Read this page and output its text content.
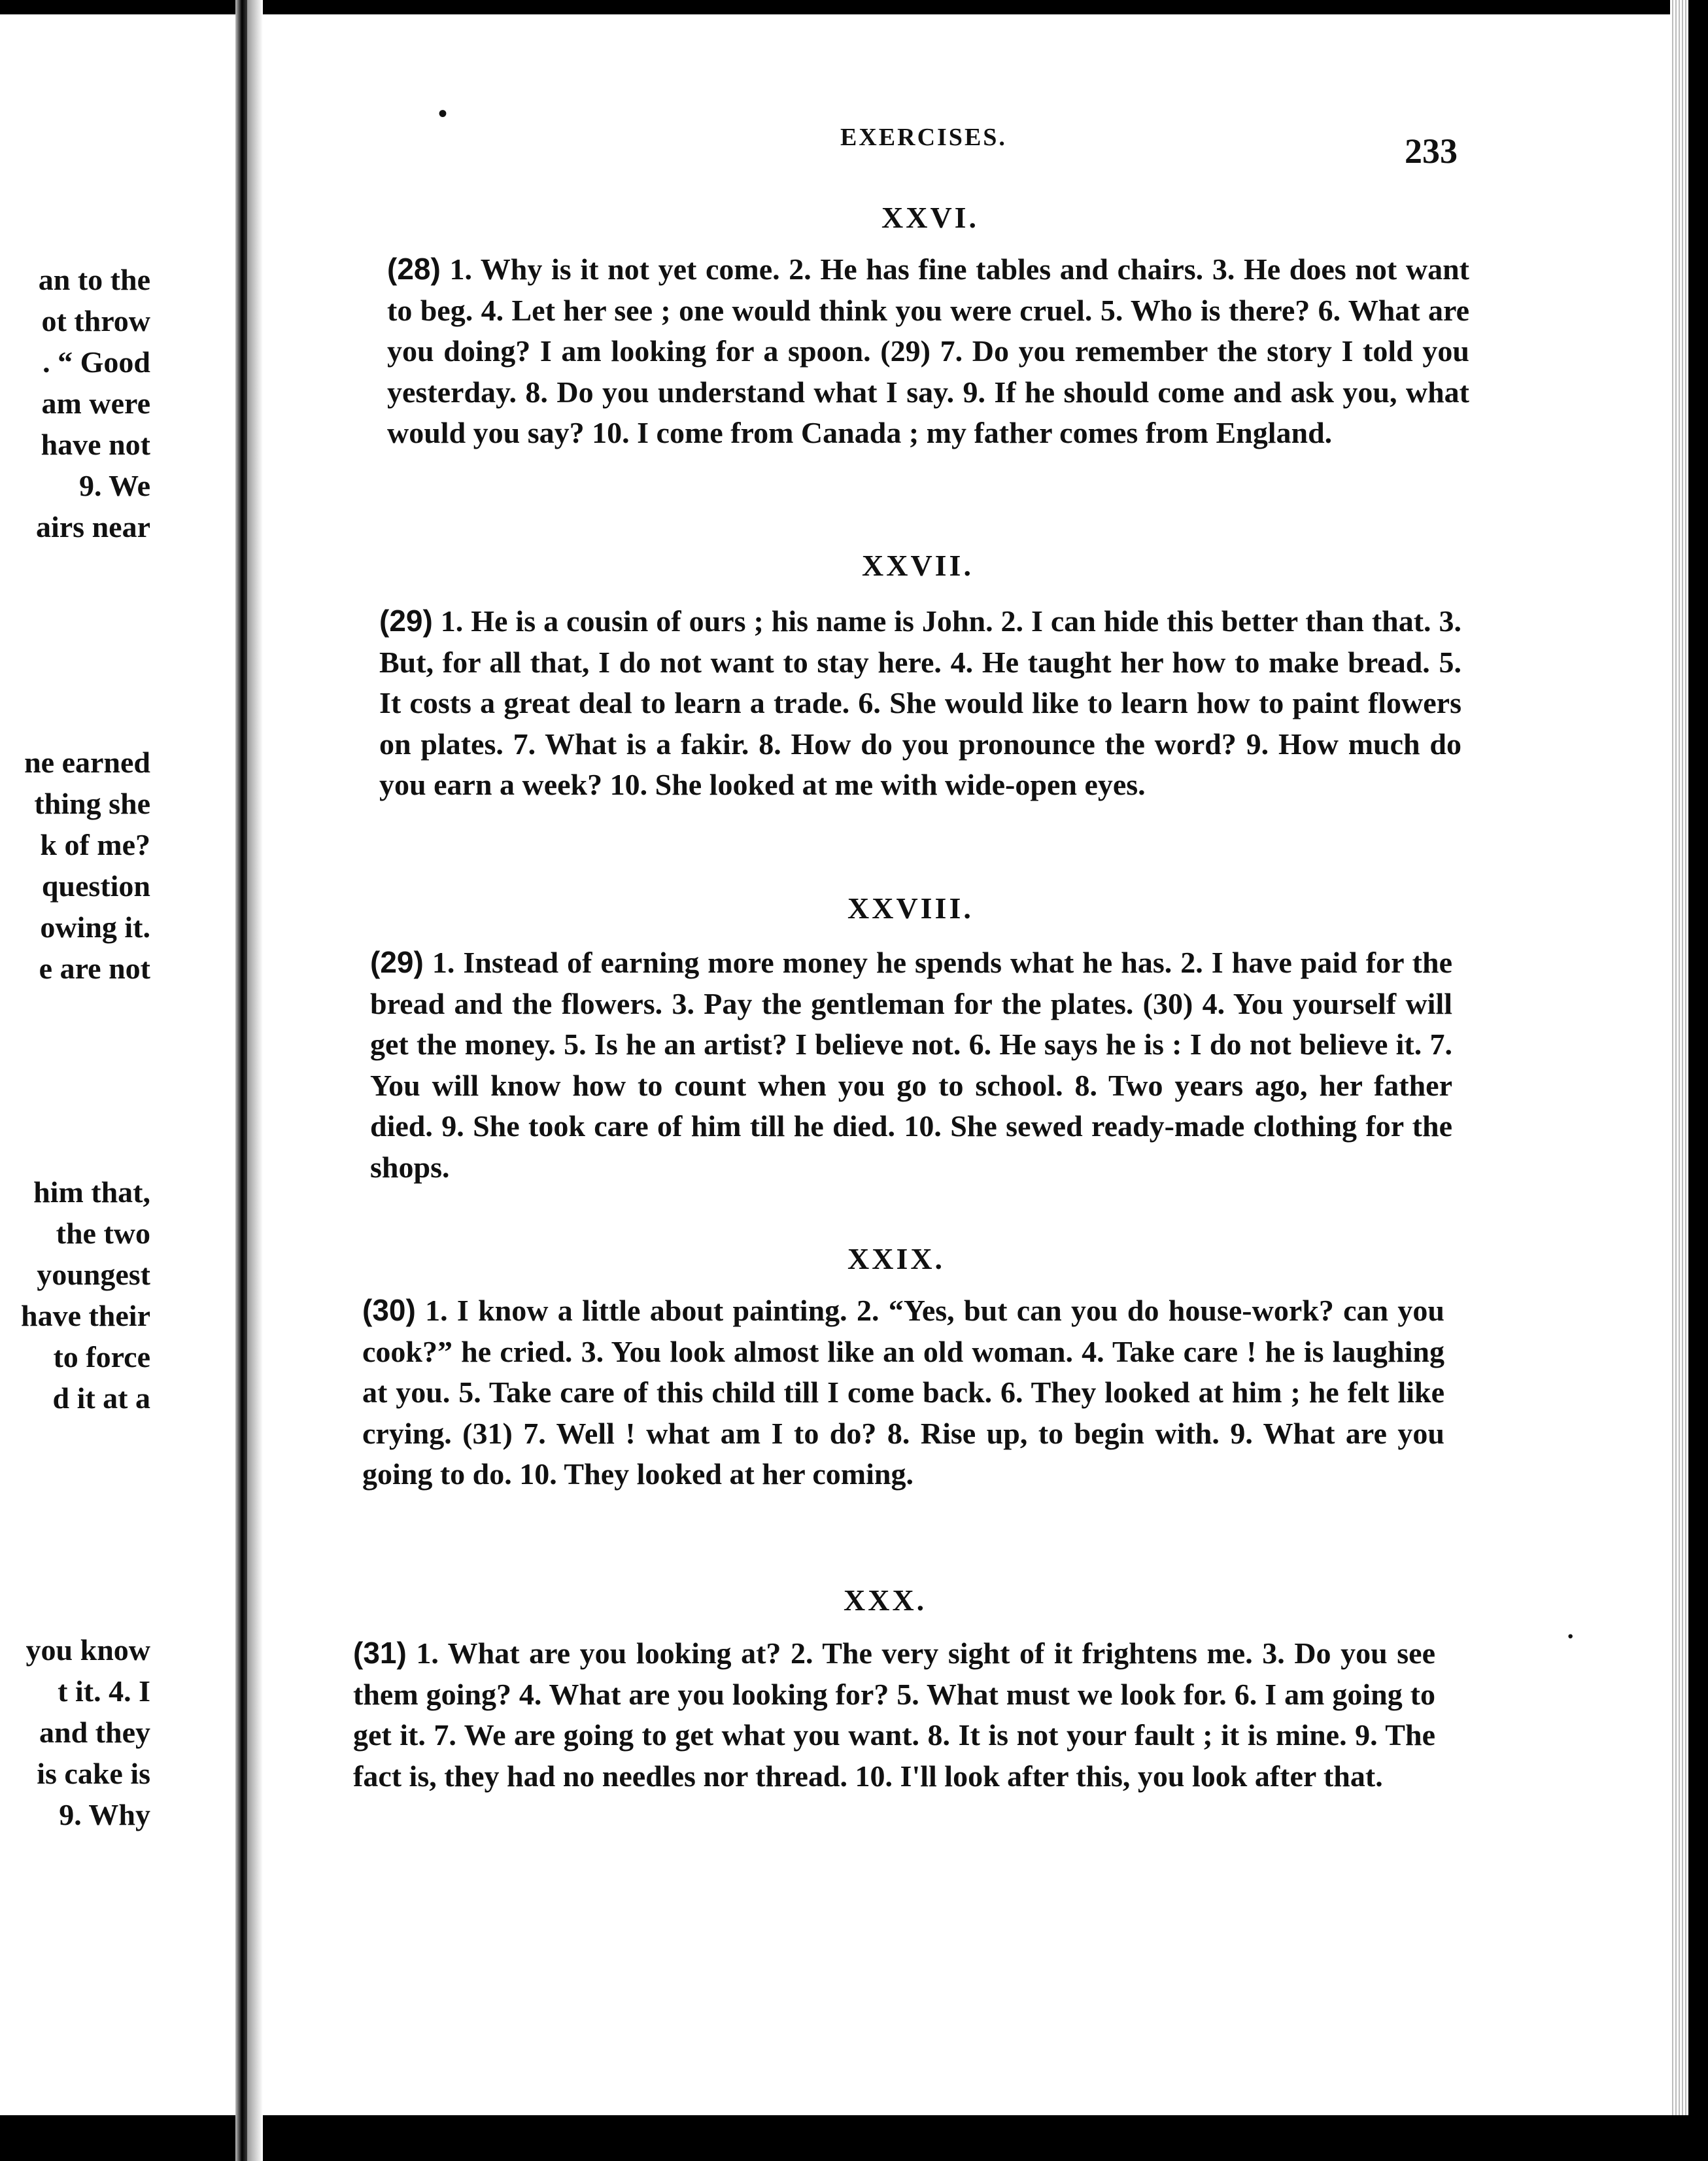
an to the
ot throw
. “ Good
am were
have not
9. We
airs near
ne earned
thing she
k of me?
question
owing it.
e are not
him that,
the two
youngest
have their
to force
d it at a
you know
t it. 4. I
and they
is cake is
9. Why
•
EXERCISES.	233
XXVI.
(28) 1. Why is it not yet come. 2. He has fine tables and chairs. 3. He does not want to beg. 4. Let her see ; one would think you were cruel. 5. Who is there? 6. What are you doing? I am looking for a spoon. (29) 7. Do you remember the story I told you yesterday. 8. Do you understand what I say. 9. If he should come and ask you, what would you say? 10. I come from Canada ; my father comes from England.
XXVII.
(29) 1. He is a cousin of ours ; his name is John. 2. I can hide this better than that. 3. But, for all that, I do not want to stay here. 4. He taught her how to make bread. 5. It costs a great deal to learn a trade. 6. She would like to learn how to paint flowers on plates. 7. What is a fakir. 8. How do you pronounce the word? 9. How much do you earn a week? 10. She looked at me with wide-open eyes.
XXVIII.
(29) 1. Instead of earning more money he spends what he has. 2. I have paid for the bread and the flowers. 3. Pay the gentleman for the plates. (30) 4. You yourself will get the money. 5. Is he an artist? I believe not. 6. He says he is : I do not believe it. 7. You will know how to count when you go to school. 8. Two years ago, her father died. 9. She took care of him till he died. 10. She sewed ready-made clothing for the shops.
XXIX.
(30) 1. I know a little about painting. 2. “Yes, but can you do house-work? can you cook?” he cried. 3. You look almost like an old woman. 4. Take care ! he is laughing at you. 5. Take care of this child till I come back. 6. They looked at him ; he felt like crying. (31) 7. Well ! what am I to do? 8. Rise up, to begin with. 9. What are you going to do. 10. They looked at her coming.
XXX.
(31) 1. What are you looking at? 2. The very sight of it frightens me. 3. Do you see them going? 4. What are you looking for? 5. What must we look for. 6. I am going to get it. 7. We are going to get what you want. 8. It is not your fault ; it is mine. 9. The fact is, they had no needles nor thread. 10. I'll look after this, you look after that.
·
